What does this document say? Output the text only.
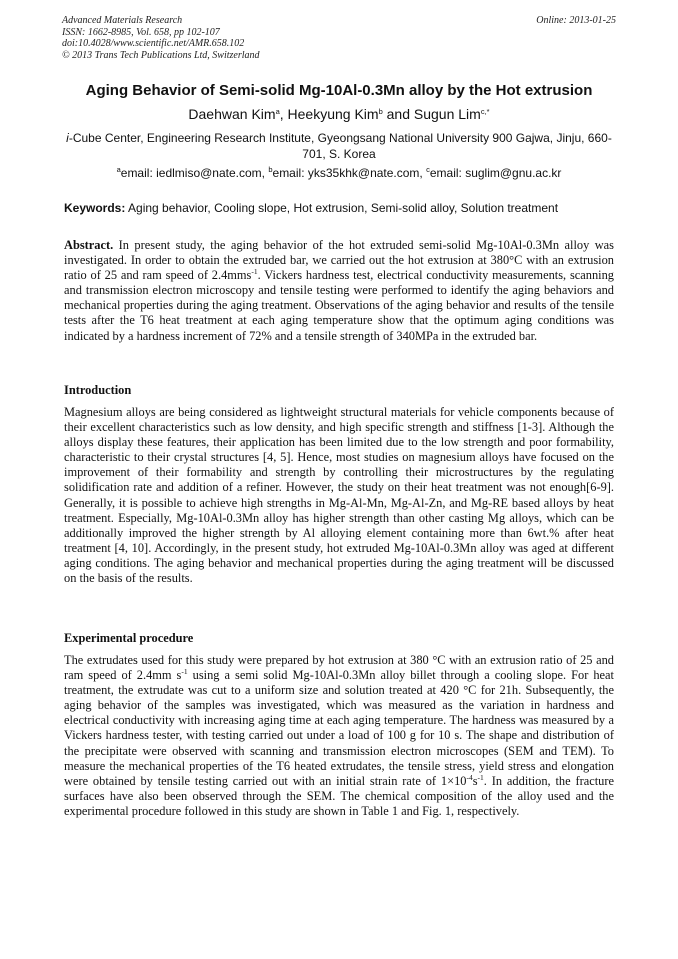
Advanced Materials Research
ISSN: 1662-8985, Vol. 658, pp 102-107
doi:10.4028/www.scientific.net/AMR.658.102
© 2013 Trans Tech Publications Ltd, Switzerland
Online: 2013-01-25
Aging Behavior of Semi-solid Mg-10Al-0.3Mn alloy by the Hot extrusion
Daehwan Kim$^a$, Heekyung Kim$^b$ and Sugun Lim$^{c,*}$
i-Cube Center, Engineering Research Institute, Gyeongsang National University 900 Gajwa, Jinju, 660-701, S. Korea
$^a$email: iedlmiso@nate.com, $^b$email: yks35khk@nate.com, $^c$email: suglim@gnu.ac.kr
Keywords: Aging behavior, Cooling slope, Hot extrusion, Semi-solid alloy, Solution treatment
Abstract. In present study, the aging behavior of the hot extruded semi-solid Mg-10Al-0.3Mn alloy was investigated. In order to obtain the extruded bar, we carried out the hot extrusion at 380°C with an extrusion ratio of 25 and ram speed of 2.4mms$^{-1}$. Vickers hardness test, electrical conductivity measurements, scanning and transmission electron microscopy and tensile testing were performed to identify the aging behaviors and mechanical properties during the aging treatment. Observations of the aging behavior and results of the tensile tests after the T6 heat treatment at each aging temperature show that the optimum aging conditions was indicated by a hardness increment of 72% and a tensile strength of 340MPa in the extruded bar.
Introduction
Magnesium alloys are being considered as lightweight structural materials for vehicle components because of their excellent characteristics such as low density, and high specific strength and stiffness [1-3]. Although the alloys display these features, their application has been limited due to the low strength and poor formability, characteristic to their crystal structures [4, 5]. Hence, most studies on magnesium alloys have focused on the improvement of their formability and strength by controlling their microstructures by the regulating solidification rate and addition of a refiner. However, the study on their heat treatment was not enough[6-9]. Generally, it is possible to achieve high strengths in Mg-Al-Mn, Mg-Al-Zn, and Mg-RE based alloys by heat treatment. Especially, Mg-10Al-0.3Mn alloy has higher strength than other casting Mg alloys, which can be additionally improved the higher strength by Al alloying element containing more than 6wt.% after heat treatment [4, 10]. Accordingly, in the present study, hot extruded Mg-10Al-0.3Mn alloy was aged at different aging conditions. The aging behavior and mechanical properties during the aging treatment will be discussed on the basis of the results.
Experimental procedure
The extrudates used for this study were prepared by hot extrusion at 380 °C with an extrusion ratio of 25 and ram speed of 2.4mm $s^{-1}$ using a semi solid Mg-10Al-0.3Mn alloy billet through a cooling slope. For heat treatment, the extrudate was cut to a uniform size and solution treated at 420 °C for 21h. Subsequently, the aging behavior of the samples was investigated, which was measured as the variation in hardness and electrical conductivity with increasing aging time at each aging temperature. The hardness was measured by a Vickers hardness tester, with testing carried out under a load of 100 g for 10 s. The shape and distribution of the precipitate were observed with scanning and transmission electron microscopes (SEM and TEM). To measure the mechanical properties of the T6 heated extrudates, the tensile stress, yield stress and elongation were obtained by tensile testing carried out with an initial strain rate of $1\times 10^{-4}s^{-1}$. In addition, the fracture surfaces have also been observed through the SEM. The chemical composition of the alloy used and the experimental procedure followed in this study are shown in Table 1 and Fig. 1, respectively.
